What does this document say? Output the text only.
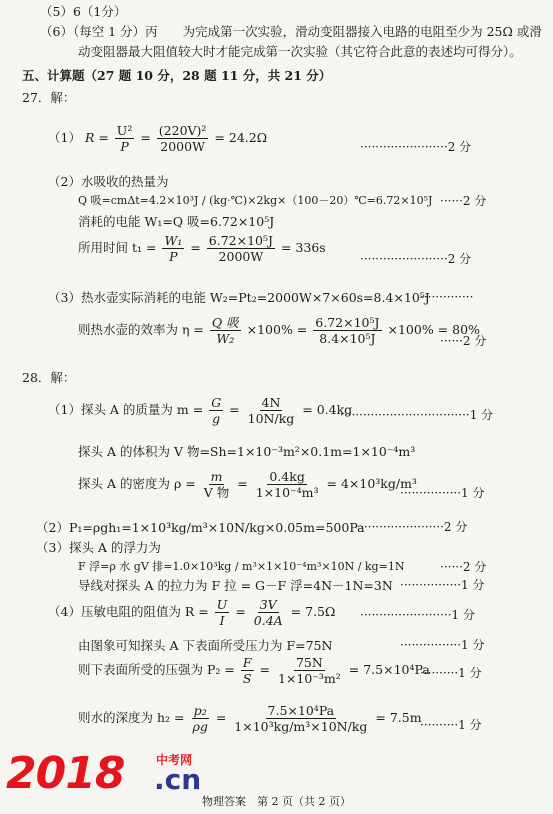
（5）6（1分）
（6）（每空 1 分）丙　　为完成第一次实验，滑动变阻器接入电路的电阻至少为 25Ω 或滑
动变阻器最大阻值较大时才能完成第一次实验（其它符合此意的表述均可得分）。
五、计算题（27 题 10 分，28 题 11 分，共 21 分）
27．解：
（1） $R = \frac{\text{U²}}{P} = \frac{\text{(220V)²}}{2000W} = 24.2\Omega$
·······················2 分
（2）水吸收的热量为
Q 吸=cmΔt=4.2×10³J / (kg·℃)×2kg×（100－20）℃=6.72×10⁵J ······2 分
消耗的电能 W₁=Q 吸=6.72×10⁵J
所用时间 $t_1 = \frac{\text{W₁}}{P} = \frac{\text{6.72×10⁵J}}{2000W} = 336s$
·······················2 分
（3）热水壶实际消耗的电能 W₂=Pt₂=2000W×7×60s=8.4×10⁵J
··············
则热水壶的效率为 $\eta = \frac{\text{Q 吸}}{\text{W₂}} \times 100\% = \frac{\text{6.72×10⁵J}}{\text{8.4×10⁵J}} \times 100\% = 80\%$
······2 分
28．解：
（1）探头 A 的质量为 $m = \frac{G}{g} = \frac{4N}{10N/kg} = 0.4kg$
··································1 分
探头 A 的体积为 V 物=Sh=1×10⁻³m²×0.1m=1×10⁻⁴m³
探头 A 的密度为 $\rho = \frac{m}{\text{V 物}} = \frac{0.4kg}{\text{1×10⁻⁴m³}} = 4\times 10^3kg/m^3$
················1 分
（2）P₁=ρgh₁=1×10³kg/m³×10N/kg×0.05m=500Pa
······················2 分
（3）探头 A 的浮力为
F 浮=ρ 水 gV 排=1.0×10³kg / m³×1×10⁻⁴m³×10N / kg=1N	······2 分
导线对探头 A 的拉力为 F 拉 = G－F 浮=4N－1N=3N ················1 分
（4）压敏电阻的阻值为 $R = \frac{U}{I} = \frac{3V}{0.4A} = 7.5\Omega \cdot\cdot\cdot\cdot\cdot\cdot\cdot\cdot\cdot\cdot\cdot\cdot\cdot\cdot\cdot\cdot\cdot\cdot\cdot\cdot\cdot\cdot\cdot\cdot 1$ 分
由图象可知探头 A 下表面所受压力为 F=75N	················1 分
则下表面所受的压强为 $P_2 = \frac{F}{S} = \frac{75N}{\text{1×10⁻³m²}} = 7.5\times 10^4Pa$
··········1 分
则水的深度为 $h_2 = \frac{\text{p₂}}{\rho g} = \frac{\text{7.5×10⁴Pa}}{\text{1×10³kg/m³×10N/kg}} = 7.5m$
··········1 分
2018	中考网
.cn
物理答案　第 2 页（共 2 页）
